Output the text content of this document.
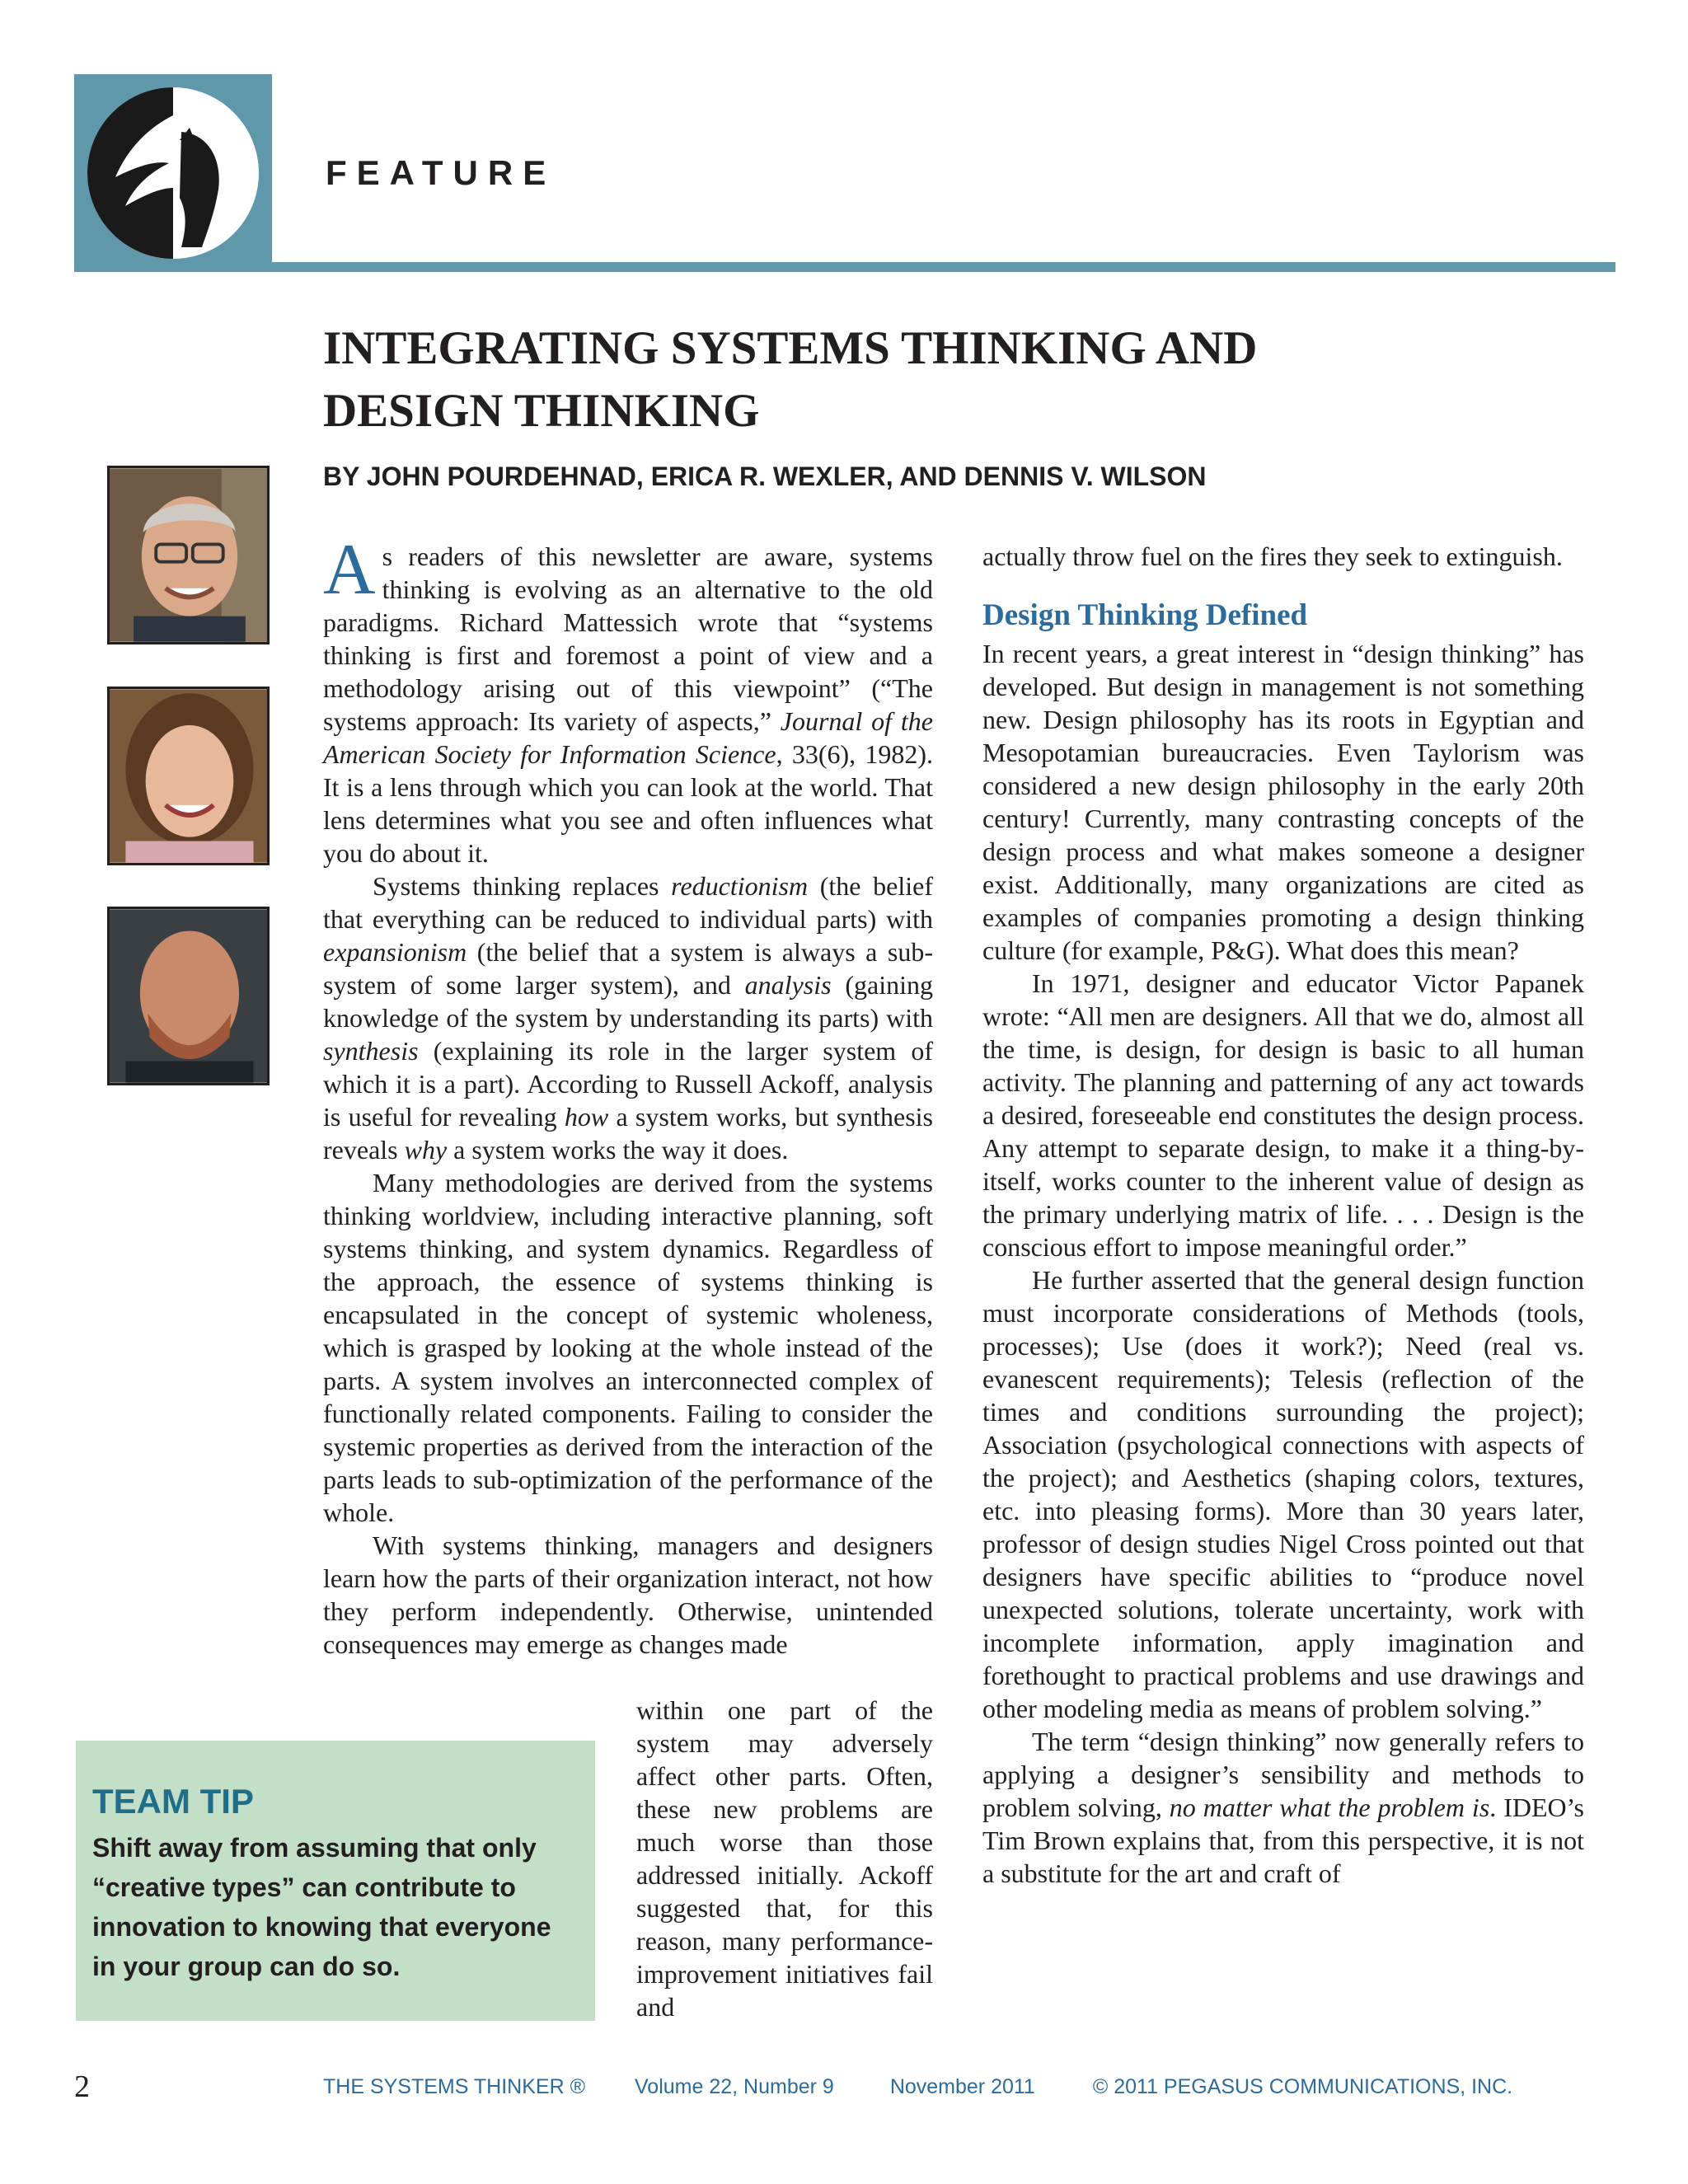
FEATURE
INTEGRATING SYSTEMS THINKING AND
DESIGN THINKING
BY JOHN POURDEHNAD, ERICA R. WEXLER, AND DENNIS V. WILSON

As readers of this newsletter are aware, systems thinking is evolving as an alternative to the old paradigms. Richard Mattessich wrote that “systems thinking is first and foremost a point of view and a methodology arising out of this viewpoint” (“The systems approach: Its variety of aspects,” Journal of the American Society for Information Science, 33(6), 1982). It is a lens through which you can look at the world. That lens determines what you see and often influences what you do about it.

Systems thinking replaces reductionism (the belief that everything can be reduced to individual parts) with expansionism (the belief that a system is always a sub-system of some larger system), and analysis (gaining knowledge of the system by understanding its parts) with synthesis (explaining its role in the larger system of which it is a part). According to Russell Ackoff, analysis is useful for revealing how a system works, but synthesis reveals why a system works the way it does.

Many methodologies are derived from the systems thinking worldview, including interactive planning, soft systems thinking, and system dynamics. Regardless of the approach, the essence of systems thinking is encapsulated in the concept of systemic wholeness, which is grasped by looking at the whole instead of the parts. A system involves an interconnected complex of functionally related components. Failing to consider the systemic properties as derived from the interaction of the parts leads to sub-optimization of the performance of the whole.

With systems thinking, managers and designers learn how the parts of their organization interact, not how they perform independently. Otherwise, unintended consequences may emerge as changes made

within one part of the system may adversely affect other parts. Often, these new problems are much worse than those addressed initially. Ackoff suggested that, for this reason, many performance-improvement initiatives fail and

TEAM TIP

Shift away from assuming that only “creative types” can contribute to innovation to knowing that everyone in your group can do so.

actually throw fuel on the fires they seek to extinguish.

Design Thinking Defined

In recent years, a great interest in “design thinking” has developed. But design in management is not something new. Design philosophy has its roots in Egyptian and Mesopotamian bureaucracies. Even Taylorism was considered a new design philosophy in the early 20th century! Currently, many contrasting concepts of the design process and what makes someone a designer exist. Additionally, many organizations are cited as examples of companies promoting a design thinking culture (for example, P&G). What does this mean?

In 1971, designer and educator Victor Papanek wrote: “All men are designers. All that we do, almost all the time, is design, for design is basic to all human activity. The planning and patterning of any act towards a desired, foreseeable end constitutes the design process. Any attempt to separate design, to make it a thing-by-itself, works counter to the inherent value of design as the primary underlying matrix of life. . . . Design is the conscious effort to impose meaningful order.”

He further asserted that the general design function must incorporate considerations of Methods (tools, processes); Use (does it work?); Need (real vs. evanescent requirements); Telesis (reflection of the times and conditions surrounding the project); Association (psychological connections with aspects of the project); and Aesthetics (shaping colors, textures, etc. into pleasing forms). More than 30 years later, professor of design studies Nigel Cross pointed out that designers have specific abilities to “produce novel unexpected solutions, tolerate uncertainty, work with incomplete information, apply imagination and forethought to practical problems and use drawings and other modeling media as means of problem solving.”

The term “design thinking” now generally refers to applying a designer’s sensibility and methods to problem solving, no matter what the problem is. IDEO’s Tim Brown explains that, from this perspective, it is not a substitute for the art and craft of

2	THE SYSTEMS THINKER ® Volume 22, Number 9	November 2011	© 2011 PEGASUS COMMUNICATIONS, INC.
